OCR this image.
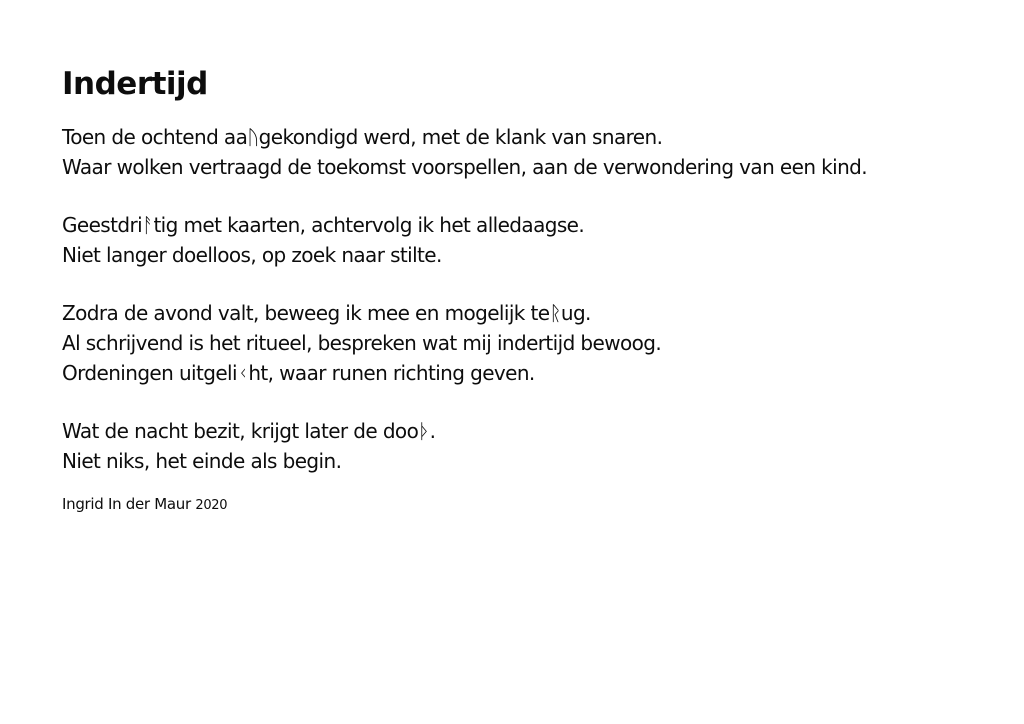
Indertijd
Toen de ochtend aaᚢgekondigd werd, met de klank van snaren.
Waar wolken vertraagd de toekomst voorspellen, aan de verwondering van een kind.
Geestdriᚨtig met kaarten, achtervolg ik het alledaagse.
Niet langer doelloos, op zoek naar stilte.
Zodra de avond valt, beweeg ik mee en mogelijk teᚱug.
Al schrijvend is het ritueel, bespreken wat mij indertijd bewoog.
Ordeningen uitgeliᚲht, waar runen richting geven.
Wat de nacht bezit, krijgt later de dooᚦ.
Niet niks, het einde als begin.
Ingrid In der Maur 2020
